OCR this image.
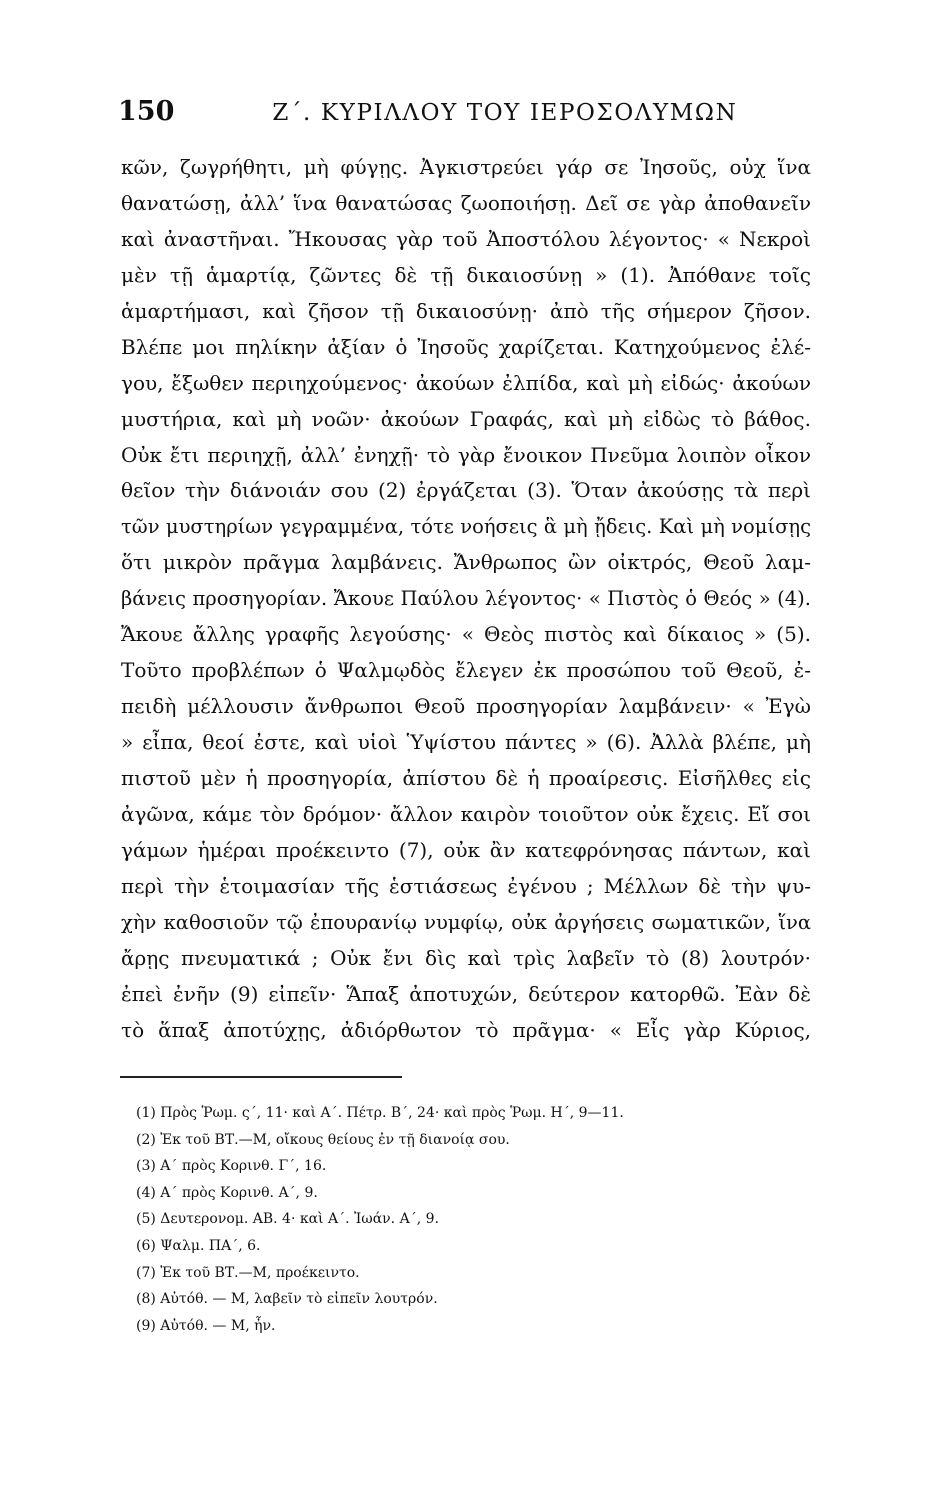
150	Ζ΄. ΚΥΡΙΛΛΟΥ ΤΟΥ ΙΕΡΟΣΟΛΥΜΩΝ
κῶν, ζωγρήθητι, μὴ φύγῃς. Ἀγκιστρεύει γάρ σε Ἰησοῦς, οὐχ ἵνα
θανατώσῃ, ἀλλ’ ἵνα θανατώσας ζωοποιήσῃ. Δεῖ σε γὰρ ἀποθανεῖν
καὶ ἀναστῆναι. Ἤκουσας γὰρ τοῦ Ἀποστόλου λέγοντος· « Νεκροὶ
μὲν τῇ ἁμαρτίᾳ, ζῶντες δὲ τῇ δικαιοσύνῃ » (1). Ἀπόθανε τοῖς
ἁμαρτήμασι, καὶ ζῆσον τῇ δικαιοσύνῃ· ἀπὸ τῆς σήμερον ζῆσον.
Βλέπε μοι πηλίκην ἀξίαν ὁ Ἰησοῦς χαρίζεται. Κατηχούμενος ἐλέ-
γου, ἔξωθεν περιηχούμενος· ἀκούων ἐλπίδα, καὶ μὴ εἰδώς· ἀκούων
μυστήρια, καὶ μὴ νοῶν· ἀκούων Γραφάς, καὶ μὴ εἰδὼς τὸ βάθος.
Οὐκ ἔτι περιηχῇ, ἀλλ’ ἐνηχῇ· τὸ γὰρ ἔνοικον Πνεῦμα λοιπὸν οἶκον
θεῖον τὴν διάνοιάν σου (2) ἐργάζεται (3). Ὅταν ἀκούσῃς τὰ περὶ
τῶν μυστηρίων γεγραμμένα, τότε νοήσεις ἃ μὴ ᾔδεις. Καὶ μὴ νομίσῃς
ὅτι μικρὸν πρᾶγμα λαμβάνεις. Ἄνθρωπος ὢν οἰκτρός, Θεοῦ λαμ-
βάνεις προσηγορίαν. Ἄκουε Παύλου λέγοντος· « Πιστὸς ὁ Θεός » (4).
Ἄκουε ἄλλης γραφῆς λεγούσης· « Θεὸς πιστὸς καὶ δίκαιος » (5).
Τοῦτο προβλέπων ὁ Ψαλμῳδὸς ἔλεγεν ἐκ προσώπου τοῦ Θεοῦ, ἐ-
πειδὴ μέλλουσιν ἄνθρωποι Θεοῦ προσηγορίαν λαμβάνειν· « Ἐγὼ
» εἶπα, θεοί ἐστε, καὶ υἱοὶ Ὑψίστου πάντες » (6). Ἀλλὰ βλέπε, μὴ
πιστοῦ μὲν ἡ προσηγορία, ἀπίστου δὲ ἡ προαίρεσις. Εἰσῆλθες εἰς
ἀγῶνα, κάμε τὸν δρόμον· ἄλλον καιρὸν τοιοῦτον οὐκ ἔχεις. Εἴ σοι
γάμων ἡμέραι προέκειντο (7), οὐκ ἂν κατεφρόνησας πάντων, καὶ
περὶ τὴν ἑτοιμασίαν τῆς ἑστιάσεως ἐγένου ; Μέλλων δὲ τὴν ψυ-
χὴν καθοσιοῦν τῷ ἐπουρανίῳ νυμφίῳ, οὐκ ἀργήσεις σωματικῶν, ἵνα
ἄρῃς πνευματικά ; Οὐκ ἔνι δὶς καὶ τρὶς λαβεῖν τὸ (8) λουτρόν·
ἐπεὶ ἐνῆν (9) εἰπεῖν· Ἅπαξ ἀποτυχών, δεύτερον κατορθῶ. Ἐὰν δὲ
τὸ ἅπαξ ἀποτύχῃς, ἀδιόρθωτον τὸ πρᾶγμα· « Εἷς γὰρ Κύριος,
(1) Πρὸς Ῥωμ. ς΄, 11· καὶ Α΄. Πέτρ. Β΄, 24· καὶ πρὸς Ῥωμ. Η΄, 9—11.
(2) Ἐκ τοῦ ΒΤ.—Μ, οἴκους θείους ἐν τῇ διανοίᾳ σου.
(3) Α΄ πρὸς Κορινθ. Γ΄, 16.
(4) Α΄ πρὸς Κορινθ. Α΄, 9.
(5) Δευτερονομ. ΑΒ. 4· καὶ Α΄. Ἰωάν. Α΄, 9.
(6) Ψαλμ. ΠΑ΄, 6.
(7) Ἐκ τοῦ ΒΤ.—Μ, προέκειντο.
(8) Αὐτόθ. — Μ, λαβεῖν τὸ εἰπεῖν λουτρόν.
(9) Αὐτόθ. — Μ, ἦν.
